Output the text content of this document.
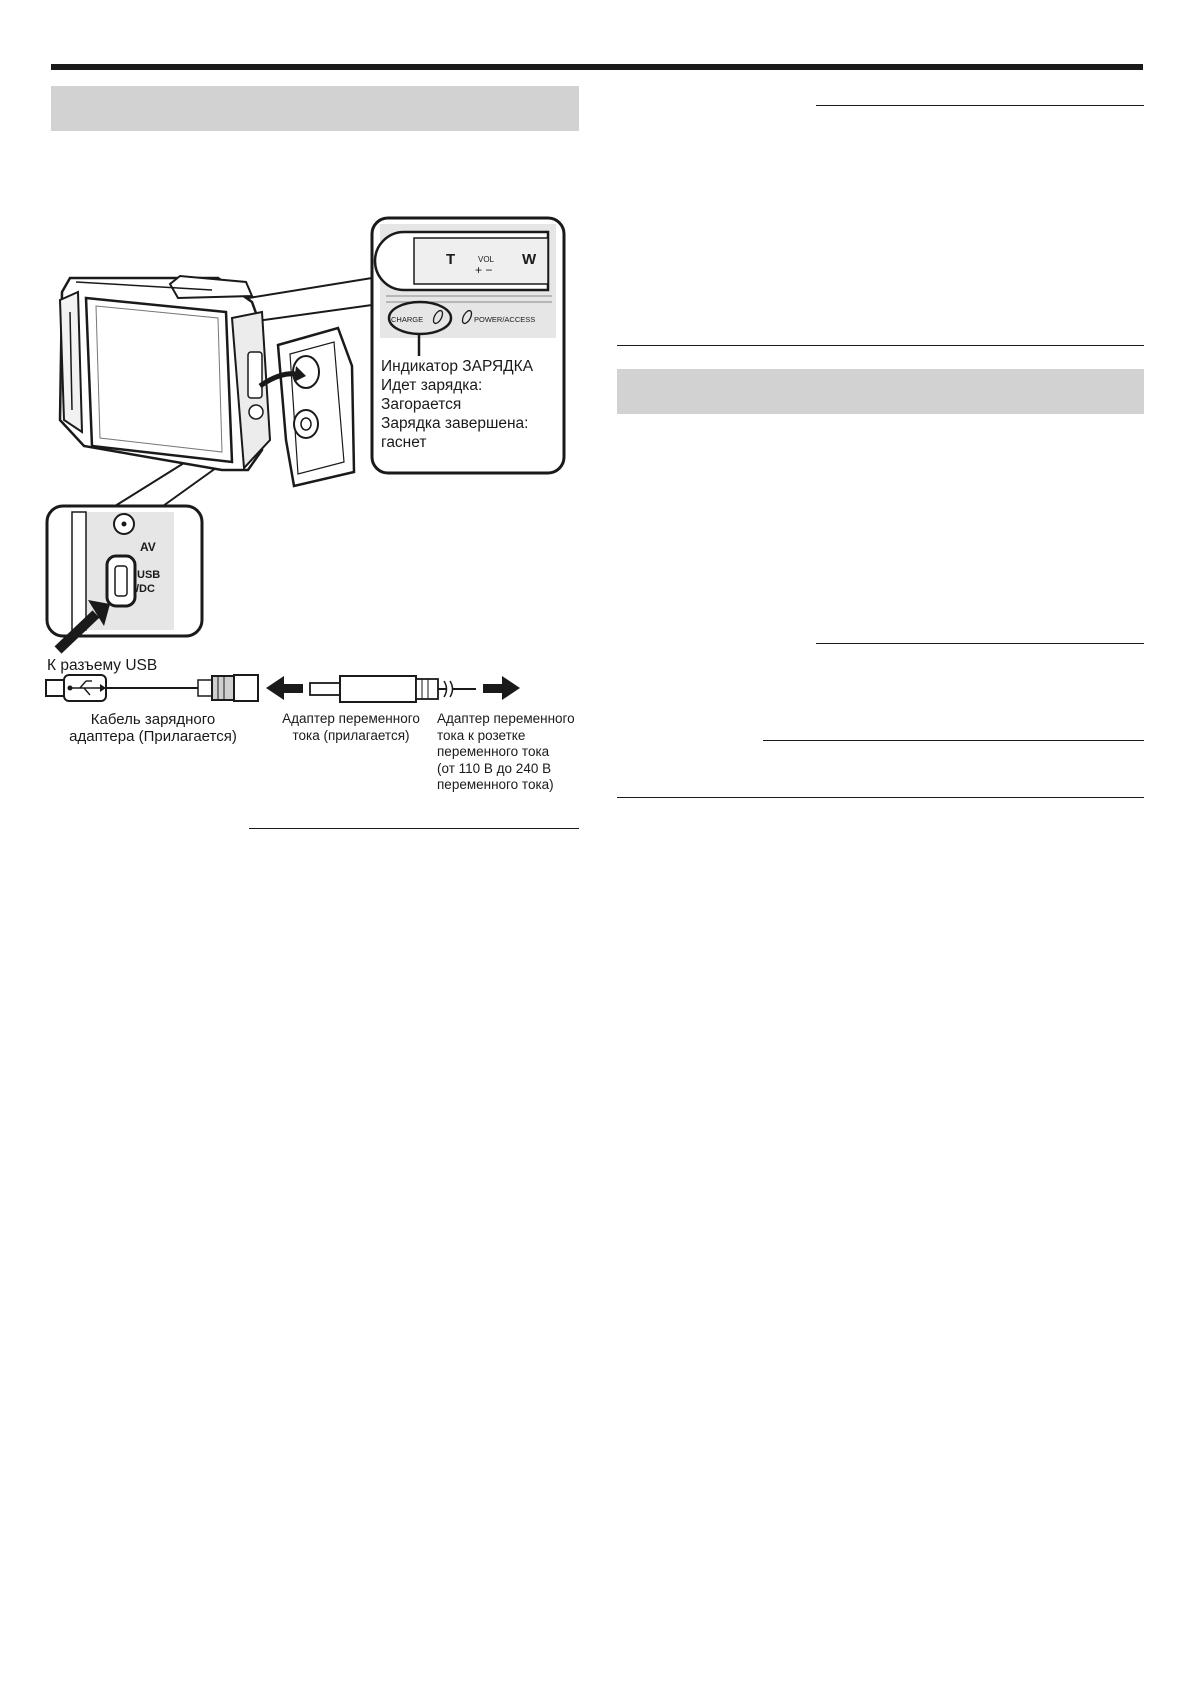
T	VOL
+ −
W
CHARGE	POWER/ACCESS
AV
USB
/DC
Индикатор ЗАРЯДКА
Идет зарядка:
Загорается
Зарядка завершена:
гаснет
К разъему USB
Кабель зарядного
адаптера (Прилагается)
Адаптер переменного
тока (прилагается)
Адаптер переменного
тока к розетке
переменного тока
(от 110 В до 240 В
переменного тока)
